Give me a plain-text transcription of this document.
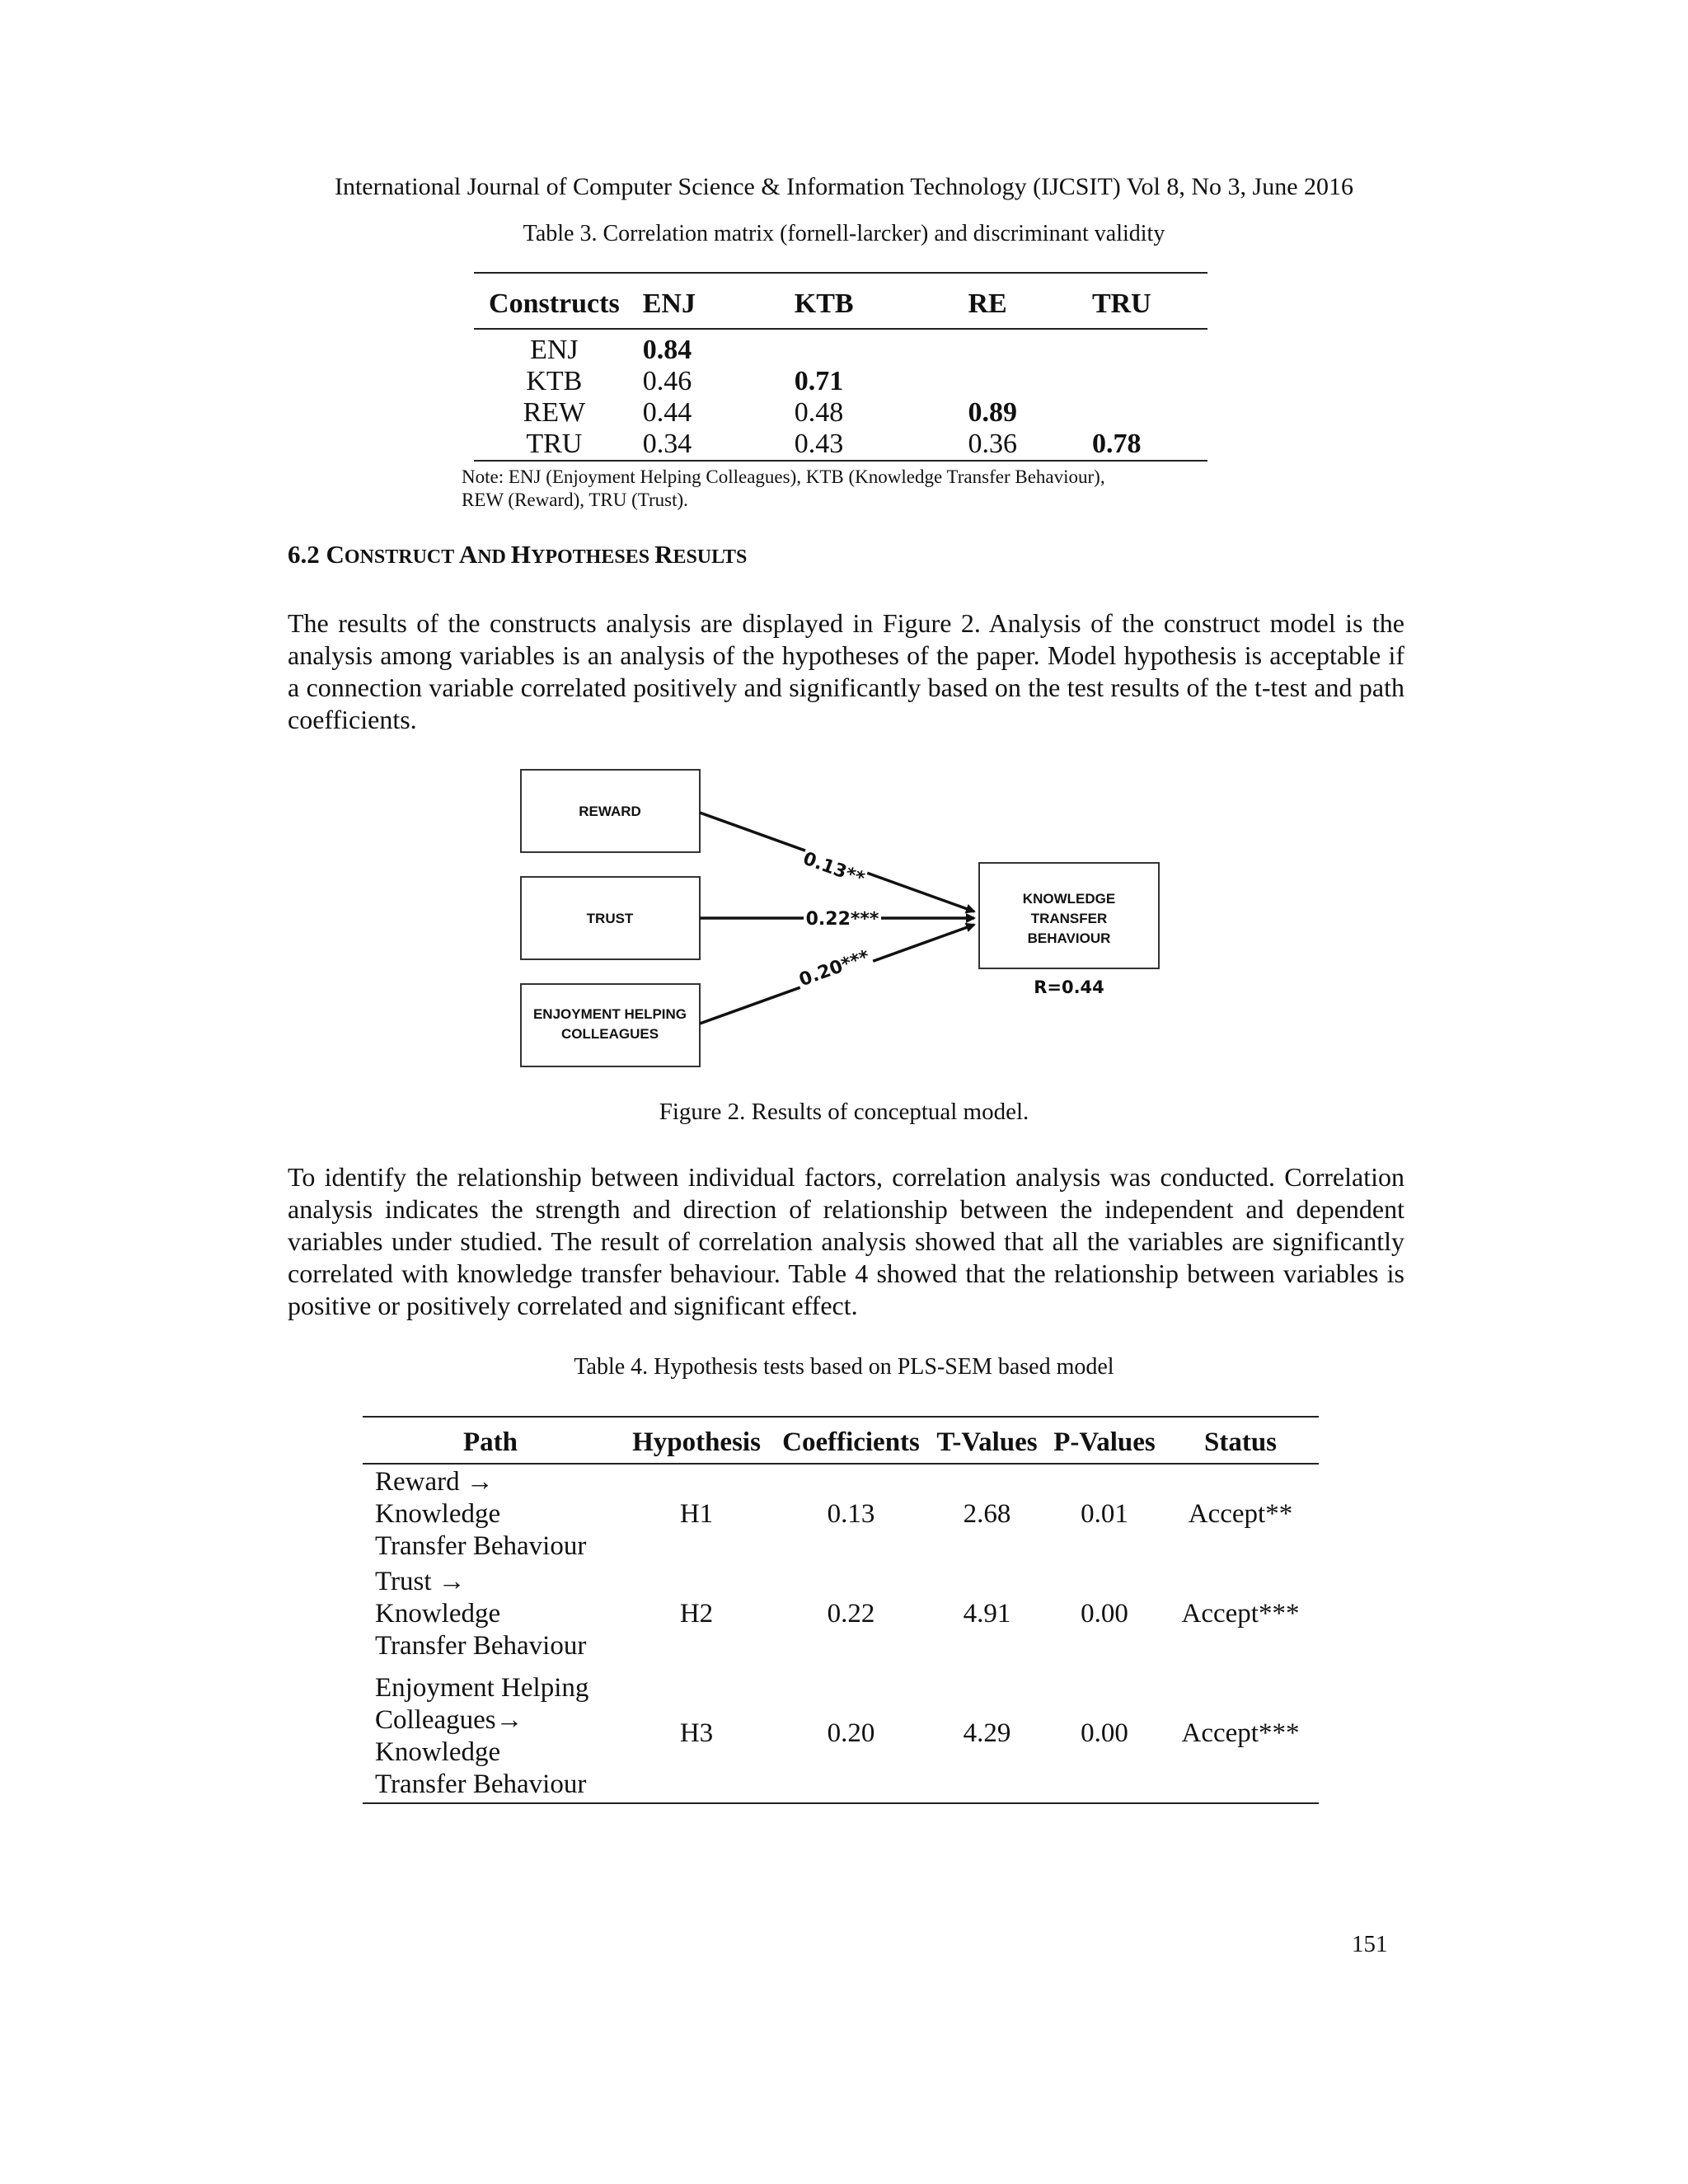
International Journal of Computer Science & Information Technology (IJCSIT) Vol 8, No 3, June 2016
Table 3. Correlation matrix (fornell-larcker) and discriminant validity
Constructs	ENJ	KTB	RE	TRU
ENJ	0.84			
KTB	0.46	0.71		
REW	0.44	0.48	0.89	
TRU	0.34	0.43	0.36	0.78
Note: ENJ (Enjoyment Helping Colleagues), KTB (Knowledge Transfer Behaviour),
REW (Reward), TRU (Trust).
6.2 CONSTRUCT AND HYPOTHESES RESULTS
The results of the constructs analysis are displayed in Figure 2. Analysis of the construct model is the analysis among variables is an analysis of the hypotheses of the paper. Model hypothesis is acceptable if a connection variable correlated positively and significantly based on the test results of the t-test and path coefficients.
REWARD
TRUST
ENJOYMENT HELPING
COLLEAGUES
KNOWLEDGE
TRANSFER
BEHAVIOUR
0.13**
0.22***
0.20***	R=0.44
Figure 2. Results of conceptual model.
To identify the relationship between individual factors, correlation analysis was conducted. Correlation analysis indicates the strength and direction of relationship between the independent and dependent variables under studied. The result of correlation analysis showed that all the variables are significantly correlated with knowledge transfer behaviour. Table 4 showed that the relationship between variables is positive or positively correlated and significant effect.
Table 4. Hypothesis tests based on PLS-SEM based model
Path	Hypothesis	Coefficients	T-Values	P-Values	Status

Reward →
Knowledge
Transfer Behaviour	H1	0.13	2.68	0.01	Accept**

Trust →
Knowledge
Transfer Behaviour	H2	0.22	4.91	0.00	Accept***

Enjoyment Helping
Colleagues→
Knowledge
Transfer Behaviour	H3	0.20	4.29	0.00	Accept***
151
